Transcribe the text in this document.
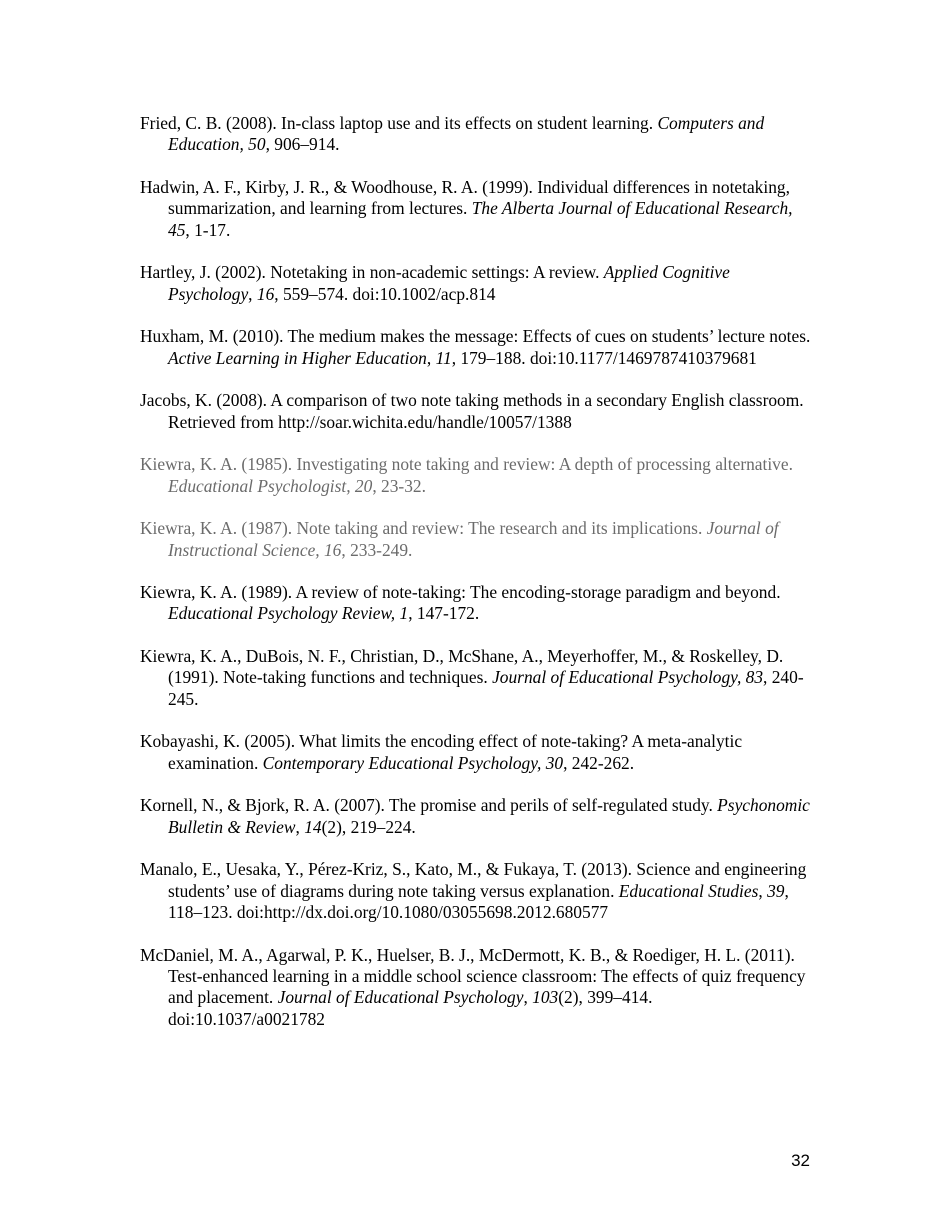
Fried, C. B. (2008). In-class laptop use and its effects on student learning. Computers and Education, 50, 906–914.

Hadwin, A. F., Kirby, J. R., & Woodhouse, R. A. (1999). Individual differences in notetaking, summarization, and learning from lectures. The Alberta Journal of Educational Research, 45, 1-17.

Hartley, J. (2002). Notetaking in non-academic settings: A review. Applied Cognitive Psychology, 16, 559–574. doi:10.1002/acp.814

Huxham, M. (2010). The medium makes the message: Effects of cues on students’ lecture notes. Active Learning in Higher Education, 11, 179–188. doi:10.1177/1469787410379681

Jacobs, K. (2008). A comparison of two note taking methods in a secondary English classroom. Retrieved from http://soar.wichita.edu/handle/10057/1388

Kiewra, K. A. (1985). Investigating note taking and review: A depth of processing alternative. Educational Psychologist, 20, 23-32.

Kiewra, K. A. (1987). Note taking and review: The research and its implications. Journal of Instructional Science, 16, 233-249.

Kiewra, K. A. (1989). A review of note-taking: The encoding-storage paradigm and beyond. Educational Psychology Review, 1, 147-172.

Kiewra, K. A., DuBois, N. F., Christian, D., McShane, A., Meyerhoffer, M., & Roskelley, D. (1991). Note-taking functions and techniques. Journal of Educational Psychology, 83, 240-245.

Kobayashi, K. (2005). What limits the encoding effect of note-taking? A meta-analytic examination. Contemporary Educational Psychology, 30, 242-262.

Kornell, N., & Bjork, R. A. (2007). The promise and perils of self-regulated study. Psychonomic Bulletin & Review, 14(2), 219–224.

Manalo, E., Uesaka, Y., Pérez-Kriz, S., Kato, M., & Fukaya, T. (2013). Science and engineering students’ use of diagrams during note taking versus explanation. Educational Studies, 39, 118–123. doi:http://dx.doi.org/10.1080/03055698.2012.680577

McDaniel, M. A., Agarwal, P. K., Huelser, B. J., McDermott, K. B., & Roediger, H. L. (2011). Test-enhanced learning in a middle school science classroom: The effects of quiz frequency and placement. Journal of Educational Psychology, 103(2), 399–414. doi:10.1037/a0021782

32
